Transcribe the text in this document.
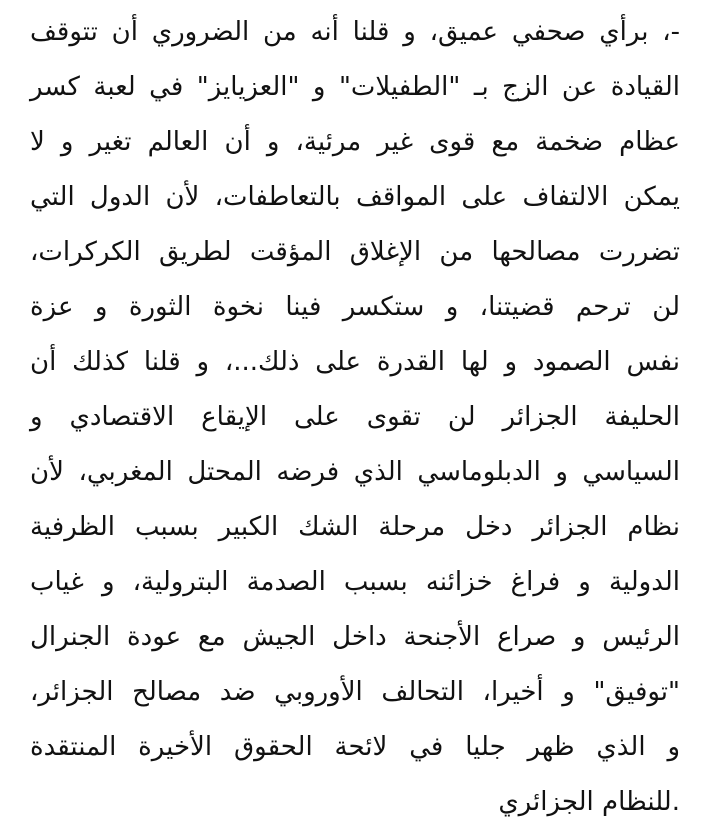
-، برأي صحفي عميق، و قلنا أنه من الضروري أن تتوقف
القيادة عن الزج بـ "الطفيلات" و "العزيايز" في لعبة كسر
عظام ضخمة مع قوى غير مرئية، و أن العالم تغير و لا
يمكن الالتفاف على المواقف بالتعاطفات، لأن الدول التي
تضررت مصالحها من الإغلاق المؤقت لطريق الكركرات،
لن ترحم قضيتنا، و ستكسر فينا نخوة الثورة و عزة
نفس الصمود و لها القدرة على ذلك...، و قلنا كذلك أن
الحليفة الجزائر لن تقوى على الإيقاع الاقتصادي و
السياسي و الدبلوماسي الذي فرضه المحتل المغربي، لأن
نظام الجزائر دخل مرحلة الشك الكبير بسبب الظرفية
الدولية و فراغ خزائنه بسبب الصدمة البترولية، و غياب
الرئيس و صراع الأجنحة داخل الجيش مع عودة الجنرال
"توفيق" و أخيرا، التحالف الأوروبي ضد مصالح الجزائر،
و الذي ظهر جليا في لائحة الحقوق الأخيرة المنتقدة
.للنظام الجزائري
